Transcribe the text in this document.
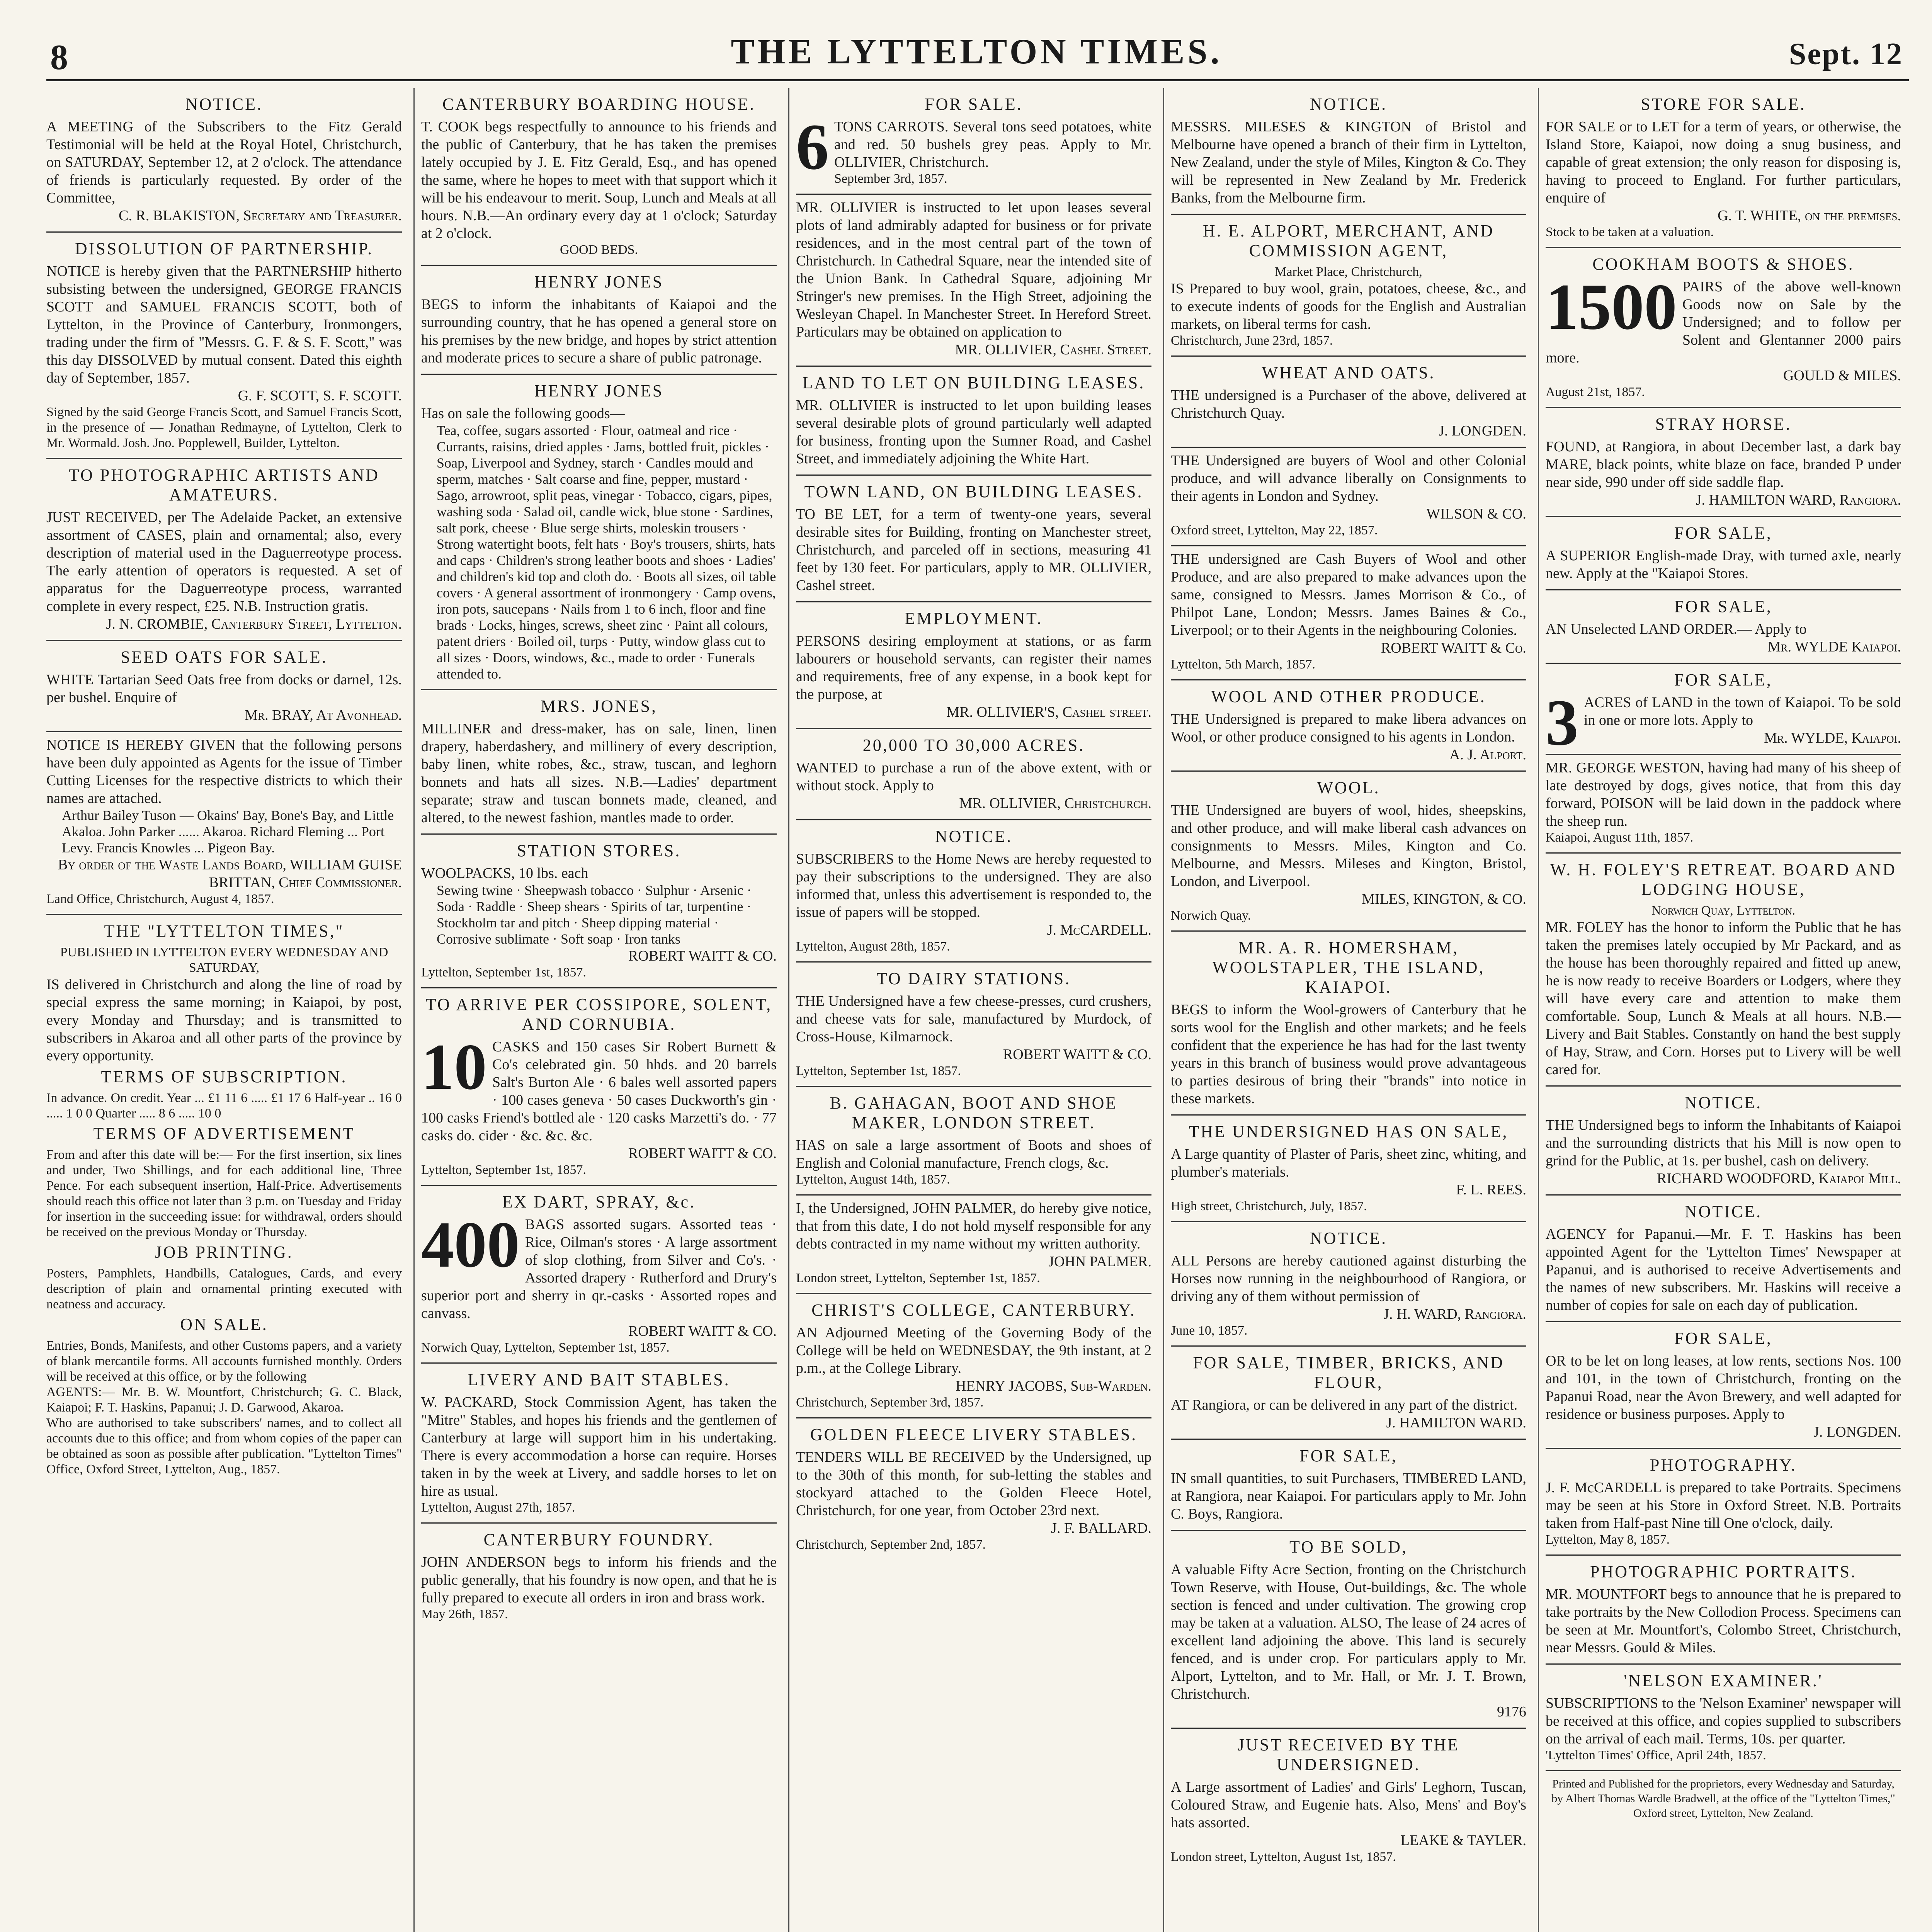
8	THE LYTTELTON TIMES.	Sept. 12
NOTICE.
A MEETING of the Subscribers to the Fitz Gerald Testimonial will be held at the Royal Hotel, Christchurch, on SATURDAY, September 12, at 2 o'clock. The attendance of friends is particularly requested. By order of the Committee,
C. R. BLAKISTON, Secretary and Treasurer.
DISSOLUTION OF PARTNERSHIP.
NOTICE is hereby given that the PARTNERSHIP hitherto subsisting between the undersigned, GEORGE FRANCIS SCOTT and SAMUEL FRANCIS SCOTT, both of Lyttelton, in the Province of Canterbury, Ironmongers, trading under the firm of "Messrs. G. F. & S. F. Scott," was this day DISSOLVED by mutual consent. Dated this eighth day of September, 1857.
G. F. SCOTT, S. F. SCOTT.
Signed by the said George Francis Scott, and Samuel Francis Scott, in the presence of — Jonathan Redmayne, of Lyttelton, Clerk to Mr. Wormald. Josh. Jno. Popplewell, Builder, Lyttelton.
TO PHOTOGRAPHIC ARTISTS AND AMATEURS.
JUST RECEIVED, per The Adelaide Packet, an extensive assortment of CASES, plain and ornamental; also, every description of material used in the Daguerreotype process. The early attention of operators is requested. A set of apparatus for the Daguerreotype process, warranted complete in every respect, £25. N.B. Instruction gratis.
J. N. CROMBIE, Canterbury Street, Lyttelton.
SEED OATS FOR SALE.
WHITE Tartarian Seed Oats free from docks or darnel, 12s. per bushel. Enquire of
Mr. BRAY, At Avonhead.
NOTICE IS HEREBY GIVEN that the following persons have been duly appointed as Agents for the issue of Timber Cutting Licenses for the respective districts to which their names are attached.
Arthur Bailey Tuson — Okains' Bay, Bone's Bay, and Little Akaloa. John Parker ...... Akaroa. Richard Fleming ... Port Levy. Francis Knowles ... Pigeon Bay.
By order of the Waste Lands Board, WILLIAM GUISE BRITTAN, Chief Commissioner.
Land Office, Christchurch, August 4, 1857.
THE "LYTTELTON TIMES,"
PUBLISHED IN LYTTELTON EVERY WEDNESDAY AND SATURDAY,
IS delivered in Christchurch and along the line of road by special express the same morning; in Kaiapoi, by post, every Monday and Thursday; and is transmitted to subscribers in Akaroa and all other parts of the province by every opportunity.
TERMS OF SUBSCRIPTION.
In advance. On credit. Year ... £1 11 6 ..... £1 17 6 Half-year .. 16 0 ..... 1 0 0 Quarter ..... 8 6 ..... 10 0
TERMS OF ADVERTISEMENT
From and after this date will be:— For the first insertion, six lines and under, Two Shillings, and for each additional line, Three Pence. For each subsequent insertion, Half-Price. Advertisements should reach this office not later than 3 p.m. on Tuesday and Friday for insertion in the succeeding issue: for withdrawal, orders should be received on the previous Monday or Thursday.
JOB PRINTING.
Posters, Pamphlets, Handbills, Catalogues, Cards, and every description of plain and ornamental printing executed with neatness and accuracy.
ON SALE.
Entries, Bonds, Manifests, and other Customs papers, and a variety of blank mercantile forms. All accounts furnished monthly. Orders will be received at this office, or by the following
AGENTS:— Mr. B. W. Mountfort, Christchurch; G. C. Black, Kaiapoi; F. T. Haskins, Papanui; J. D. Garwood, Akaroa.
Who are authorised to take subscribers' names, and to collect all accounts due to this office; and from whom copies of the paper can be obtained as soon as possible after publication. "Lyttelton Times" Office, Oxford Street, Lyttelton, Aug., 1857.
CANTERBURY BOARDING HOUSE.
T. COOK begs respectfully to announce to his friends and the public of Canterbury, that he has taken the premises lately occupied by J. E. Fitz Gerald, Esq., and has opened the same, where he hopes to meet with that support which it will be his endeavour to merit. Soup, Lunch and Meals at all hours. N.B.—An ordinary every day at 1 o'clock; Saturday at 2 o'clock.
GOOD BEDS.
HENRY JONES
BEGS to inform the inhabitants of Kaiapoi and the surrounding country, that he has opened a general store on his premises by the new bridge, and hopes by strict attention and moderate prices to secure a share of public patronage.
HENRY JONES
Has on sale the following goods—
Tea, coffee, sugars assorted · Flour, oatmeal and rice · Currants, raisins, dried apples · Jams, bottled fruit, pickles · Soap, Liverpool and Sydney, starch · Candles mould and sperm, matches · Salt coarse and fine, pepper, mustard · Sago, arrowroot, split peas, vinegar · Tobacco, cigars, pipes, washing soda · Salad oil, candle wick, blue stone · Sardines, salt pork, cheese · Blue serge shirts, moleskin trousers · Strong watertight boots, felt hats · Boy's trousers, shirts, hats and caps · Children's strong leather boots and shoes · Ladies' and children's kid top and cloth do. · Boots all sizes, oil table covers · A general assortment of ironmongery · Camp ovens, iron pots, saucepans · Nails from 1 to 6 inch, floor and fine brads · Locks, hinges, screws, sheet zinc · Paint all colours, patent driers · Boiled oil, turps · Putty, window glass cut to all sizes · Doors, windows, &c., made to order · Funerals attended to.
MRS. JONES,
MILLINER and dress-maker, has on sale, linen, linen drapery, haberdashery, and millinery of every description, baby linen, white robes, &c., straw, tuscan, and leghorn bonnets and hats all sizes. N.B.—Ladies' department separate; straw and tuscan bonnets made, cleaned, and altered, to the newest fashion, mantles made to order.
STATION STORES.
WOOLPACKS, 10 lbs. each
Sewing twine · Sheepwash tobacco · Sulphur · Arsenic · Soda · Raddle · Sheep shears · Spirits of tar, turpentine · Stockholm tar and pitch · Sheep dipping material · Corrosive sublimate · Soft soap · Iron tanks
ROBERT WAITT & CO.
Lyttelton, September 1st, 1857.
TO ARRIVE PER COSSIPORE, SOLENT, AND CORNUBIA.
10 CASKS and 150 cases Sir Robert Burnett & Co's celebrated gin. 50 hhds. and 20 barrels Salt's Burton Ale · 6 bales well assorted papers · 100 cases geneva · 50 cases Duckworth's gin · 100 casks Friend's bottled ale · 120 casks Marzetti's do. · 77 casks do. cider · &c. &c. &c.
ROBERT WAITT & CO.
Lyttelton, September 1st, 1857.
EX DART, SPRAY, &c.
400 BAGS assorted sugars. Assorted teas · Rice, Oilman's stores · A large assortment of slop clothing, from Silver and Co's. · Assorted drapery · Rutherford and Drury's superior port and sherry in qr.-casks · Assorted ropes and canvass.
ROBERT WAITT & CO.
Norwich Quay, Lyttelton, September 1st, 1857.
LIVERY AND BAIT STABLES.
W. PACKARD, Stock Commission Agent, has taken the "Mitre" Stables, and hopes his friends and the gentlemen of Canterbury at large will support him in his undertaking. There is every accommodation a horse can require. Horses taken in by the week at Livery, and saddle horses to let on hire as usual.
Lyttelton, August 27th, 1857.
CANTERBURY FOUNDRY.
JOHN ANDERSON begs to inform his friends and the public generally, that his foundry is now open, and that he is fully prepared to execute all orders in iron and brass work.
May 26th, 1857.
FOR SALE.
6 TONS CARROTS. Several tons seed potatoes, white and red. 50 bushels grey peas. Apply to Mr. OLLIVIER, Christchurch.
September 3rd, 1857.
MR. OLLIVIER is instructed to let upon leases several plots of land admirably adapted for business or for private residences, and in the most central part of the town of Christchurch. In Cathedral Square, near the intended site of the Union Bank. In Cathedral Square, adjoining Mr Stringer's new premises. In the High Street, adjoining the Wesleyan Chapel. In Manchester Street. In Hereford Street. Particulars may be obtained on application to
MR. OLLIVIER, Cashel Street.
LAND TO LET ON BUILDING LEASES.
MR. OLLIVIER is instructed to let upon building leases several desirable plots of ground particularly well adapted for business, fronting upon the Sumner Road, and Cashel Street, and immediately adjoining the White Hart.
TOWN LAND, ON BUILDING LEASES.
TO BE LET, for a term of twenty-one years, several desirable sites for Building, fronting on Manchester street, Christchurch, and parceled off in sections, measuring 41 feet by 130 feet. For particulars, apply to MR. OLLIVIER, Cashel street.
EMPLOYMENT.
PERSONS desiring employment at stations, or as farm labourers or household servants, can register their names and requirements, free of any expense, in a book kept for the purpose, at
MR. OLLIVIER'S, Cashel street.
20,000 TO 30,000 ACRES.
WANTED to purchase a run of the above extent, with or without stock. Apply to
MR. OLLIVIER, Christchurch.
NOTICE.
SUBSCRIBERS to the Home News are hereby requested to pay their subscriptions to the undersigned. They are also informed that, unless this advertisement is responded to, the issue of papers will be stopped.
J. McCARDELL.
Lyttelton, August 28th, 1857.
TO DAIRY STATIONS.
THE Undersigned have a few cheese-presses, curd crushers, and cheese vats for sale, manufactured by Murdock, of Cross-House, Kilmarnock.
ROBERT WAITT & CO.
Lyttelton, September 1st, 1857.
B. GAHAGAN, BOOT AND SHOE MAKER, LONDON STREET.
HAS on sale a large assortment of Boots and shoes of English and Colonial manufacture, French clogs, &c.
Lyttelton, August 14th, 1857.
I, the Undersigned, JOHN PALMER, do hereby give notice, that from this date, I do not hold myself responsible for any debts contracted in my name without my written authority.
JOHN PALMER.
London street, Lyttelton, September 1st, 1857.
CHRIST'S COLLEGE, CANTERBURY.
AN Adjourned Meeting of the Governing Body of the College will be held on WEDNESDAY, the 9th instant, at 2 p.m., at the College Library.
HENRY JACOBS, Sub-Warden.
Christchurch, September 3rd, 1857.
GOLDEN FLEECE LIVERY STABLES.
TENDERS WILL BE RECEIVED by the Undersigned, up to the 30th of this month, for sub-letting the stables and stockyard attached to the Golden Fleece Hotel, Christchurch, for one year, from October 23rd next.
J. F. BALLARD.
Christchurch, September 2nd, 1857.
NOTICE.
MESSRS. MILESES & KINGTON of Bristol and Melbourne have opened a branch of their firm in Lyttelton, New Zealand, under the style of Miles, Kington & Co. They will be represented in New Zealand by Mr. Frederick Banks, from the Melbourne firm.
H. E. ALPORT, MERCHANT, AND COMMISSION AGENT,
Market Place, Christchurch,
IS Prepared to buy wool, grain, potatoes, cheese, &c., and to execute indents of goods for the English and Australian markets, on liberal terms for cash.
Christchurch, June 23rd, 1857.
WHEAT AND OATS.
THE undersigned is a Purchaser of the above, delivered at Christchurch Quay.
J. LONGDEN.
THE Undersigned are buyers of Wool and other Colonial produce, and will advance liberally on Consignments to their agents in London and Sydney.
WILSON & CO.
Oxford street, Lyttelton, May 22, 1857.
THE undersigned are Cash Buyers of Wool and other Produce, and are also prepared to make advances upon the same, consigned to Messrs. James Morrison & Co., of Philpot Lane, London; Messrs. James Baines & Co., Liverpool; or to their Agents in the neighbouring Colonies.
ROBERT WAITT & Co.
Lyttelton, 5th March, 1857.
WOOL AND OTHER PRODUCE.
THE Undersigned is prepared to make libera advances on Wool, or other produce consigned to his agents in London.
A. J. Alport.
WOOL.
THE Undersigned are buyers of wool, hides, sheepskins, and other produce, and will make liberal cash advances on consignments to Messrs. Miles, Kington and Co. Melbourne, and Messrs. Mileses and Kington, Bristol, London, and Liverpool.
MILES, KINGTON, & CO.
Norwich Quay.
MR. A. R. HOMERSHAM, WOOLSTAPLER, THE ISLAND, KAIAPOI.
BEGS to inform the Wool-growers of Canterbury that he sorts wool for the English and other markets; and he feels confident that the experience he has had for the last twenty years in this branch of business would prove advantageous to parties desirous of bring their "brands" into notice in these markets.
THE UNDERSIGNED HAS ON SALE,
A Large quantity of Plaster of Paris, sheet zinc, whiting, and plumber's materials.
F. L. REES.
High street, Christchurch, July, 1857.
NOTICE.
ALL Persons are hereby cautioned against disturbing the Horses now running in the neighbourhood of Rangiora, or driving any of them without permission of
J. H. WARD, Rangiora.
June 10, 1857.
FOR SALE, TIMBER, BRICKS, AND FLOUR,
AT Rangiora, or can be delivered in any part of the district.
J. HAMILTON WARD.
FOR SALE,
IN small quantities, to suit Purchasers, TIMBERED LAND, at Rangiora, near Kaiapoi. For particulars apply to Mr. John C. Boys, Rangiora.
TO BE SOLD,
A valuable Fifty Acre Section, fronting on the Christchurch Town Reserve, with House, Out-buildings, &c. The whole section is fenced and under cultivation. The growing crop may be taken at a valuation. ALSO, The lease of 24 acres of excellent land adjoining the above. This land is securely fenced, and is under crop. For particulars apply to Mr. Alport, Lyttelton, and to Mr. Hall, or Mr. J. T. Brown, Christchurch.
9176
JUST RECEIVED BY THE UNDERSIGNED.
A Large assortment of Ladies' and Girls' Leghorn, Tuscan, Coloured Straw, and Eugenie hats. Also, Mens' and Boy's hats assorted.
LEAKE & TAYLER.
London street, Lyttelton, August 1st, 1857.
STORE FOR SALE.
FOR SALE or to LET for a term of years, or otherwise, the Island Store, Kaiapoi, now doing a snug business, and capable of great extension; the only reason for disposing is, having to proceed to England. For further particulars, enquire of
G. T. WHITE, on the premises.
Stock to be taken at a valuation.
COOKHAM BOOTS & SHOES.
1500 PAIRS of the above well-known Goods now on Sale by the Undersigned; and to follow per Solent and Glentanner 2000 pairs more.
GOULD & MILES.
August 21st, 1857.
STRAY HORSE.
FOUND, at Rangiora, in about December last, a dark bay MARE, black points, white blaze on face, branded P under near side, 990 under off side saddle flap.
J. HAMILTON WARD, Rangiora.
FOR SALE,
A SUPERIOR English-made Dray, with turned axle, nearly new. Apply at the "Kaiapoi Stores.
FOR SALE,
AN Unselected LAND ORDER.— Apply to
Mr. WYLDE Kaiapoi.
FOR SALE,
3 ACRES of LAND in the town of Kaiapoi. To be sold in one or more lots. Apply to
Mr. WYLDE, Kaiapoi.
MR. GEORGE WESTON, having had many of his sheep of late destroyed by dogs, gives notice, that from this day forward, POISON will be laid down in the paddock where the sheep run.
Kaiapoi, August 11th, 1857.
W. H. FOLEY'S RETREAT. BOARD AND LODGING HOUSE,
Norwich Quay, Lyttelton.
MR. FOLEY has the honor to inform the Public that he has taken the premises lately occupied by Mr Packard, and as the house has been thoroughly repaired and fitted up anew, he is now ready to receive Boarders or Lodgers, where they will have every care and attention to make them comfortable. Soup, Lunch & Meals at all hours. N.B.—Livery and Bait Stables. Constantly on hand the best supply of Hay, Straw, and Corn. Horses put to Livery will be well cared for.
NOTICE.
THE Undersigned begs to inform the Inhabitants of Kaiapoi and the surrounding districts that his Mill is now open to grind for the Public, at 1s. per bushel, cash on delivery.
RICHARD WOODFORD, Kaiapoi Mill.
NOTICE.
AGENCY for Papanui.—Mr. F. T. Haskins has been appointed Agent for the 'Lyttelton Times' Newspaper at Papanui, and is authorised to receive Advertisements and the names of new subscribers. Mr. Haskins will receive a number of copies for sale on each day of publication.
FOR SALE,
OR to be let on long leases, at low rents, sections Nos. 100 and 101, in the town of Christchurch, fronting on the Papanui Road, near the Avon Brewery, and well adapted for residence or business purposes. Apply to
J. LONGDEN.
PHOTOGRAPHY.
J. F. McCARDELL is prepared to take Portraits. Specimens may be seen at his Store in Oxford Street. N.B. Portraits taken from Half-past Nine till One o'clock, daily.
Lyttelton, May 8, 1857.
PHOTOGRAPHIC PORTRAITS.
MR. MOUNTFORT begs to announce that he is prepared to take portraits by the New Collodion Process. Specimens can be seen at Mr. Mountfort's, Colombo Street, Christchurch, near Messrs. Gould & Miles.
'NELSON EXAMINER.'
SUBSCRIPTIONS to the 'Nelson Examiner' newspaper will be received at this office, and copies supplied to subscribers on the arrival of each mail. Terms, 10s. per quarter.
'Lyttelton Times' Office, April 24th, 1857.
Printed and Published for the proprietors, every Wednesday and Saturday, by Albert Thomas Wardle Bradwell, at the office of the "Lyttelton Times," Oxford street, Lyttelton, New Zealand.
